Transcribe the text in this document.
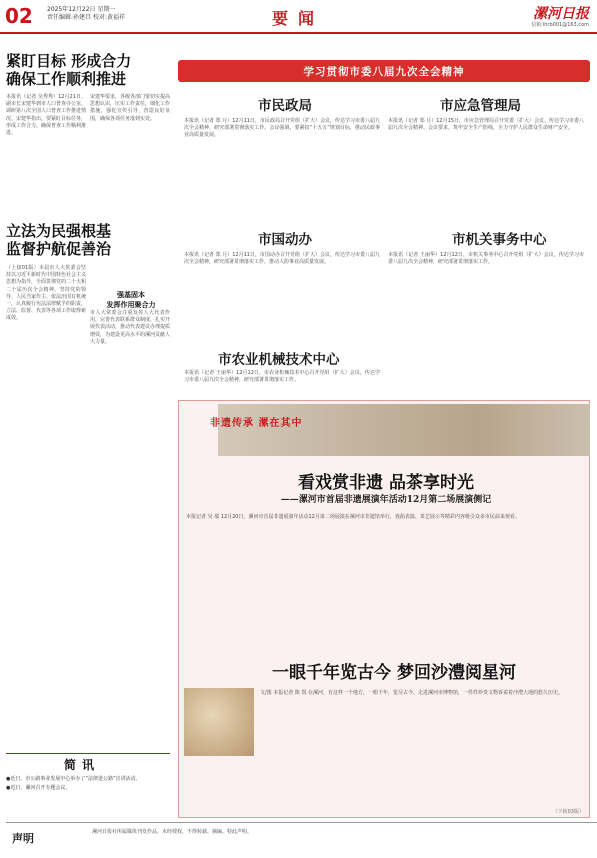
02 2025年12月22日 星期一
责任编辑:孙建昌 校对:黄福祥	要闻	漯河日报
信箱:lhrb001@163.com
紧盯目标 形成合力
确保工作顺利推进
本报讯（记者 吴秀秀）12月21日，副市长宋建华到市人口普查办公室，调研第八次全国人口普查工作推进情况。宋建华指出，要紧盯目标任务，形成工作合力，确保普查工作顺利推进。
宋建华要求，各级各部门要切实提高思想认识，压实工作责任，细化工作措施，强化宣传引导，营造良好氛围，确保各项任务落到实处。
立法为民强根基
监督护航促善治
（上接01版）本届市人大常委会坚持以习近平新时代中国特色社会主义思想为指导，全面贯彻党的二十大和二十届历次全会精神，坚持党的领导、人民当家作主、依法治国有机统一，认真履行宪法法律赋予的职责，立法、监督、代表等各项工作取得新成效。
强基固本
发挥作用聚合力
市人大常委会注重发挥人大代表作用，完善代表联系群众制度，扎实开展代表活动，推动代表建议办理提质增效，为建设更高水平的漯河贡献人大力量。
简讯
●近日，市公路事业发展中心举办了“法律进公路”宣讲活动。
●近日，漯河召开专题会议。
声明	漯河日报社所属媒体刊发作品，未经授权，不得转载、摘编。特此声明。
学习贯彻市委八届九次全会精神
市民政局
本报讯（记者 郑 月）12月11日，市民政局召开党组（扩大）会议，传达学习市委八届九次全会精神，研究部署贯彻落实工作。会议强调，要紧扣“十五五”规划目标，推动民政事业高质量发展。
市应急管理局
本报讯（记者 郑 月）12月15日，市应急管理局召开党委（扩大）会议，传达学习市委八届九次全会精神。会议要求，筑牢安全生产防线，全力守护人民群众生命财产安全。
市国动办
本报讯（记者 郑 月）12月11日，市国动办召开党组（扩大）会议，传达学习市委八届九次全会精神，研究部署贯彻落实工作，推动人防事业高质量发展。
市机关事务中心
本报讯（记者 王丽华）12月12日，市机关事务中心召开党组（扩大）会议，传达学习市委八届九次全会精神，研究部署贯彻落实工作。
市农业机械技术中心
本报讯（记者 王丽华）12月12日，市农业机械技术中心召开党组（扩大）会议，传达学习市委八届九次全会精神，研究部署贯彻落实工作。
非遗传承 漯在其中
看戏赏非遗 品茶享时光
——漯河市首届非遗展演年活动12月第二场展演侧记
本报记者 吴 瑞 12月20日，漯河市首届非遗展演年活动12月第二场展演在漯河市非遗馆举行，戏曲表演、茶艺展示等精彩内容吸引众多市民前来观看。
一眼千年览古今 梦回沙澧阅星河
文/图 本报记者 陈 凯 在漯河，有这样一个地方，一眼千年，览尽古今。走进漯河市博物馆，一件件珍贵文物诉说着沙澧大地的悠久历史。
（下转03版）
